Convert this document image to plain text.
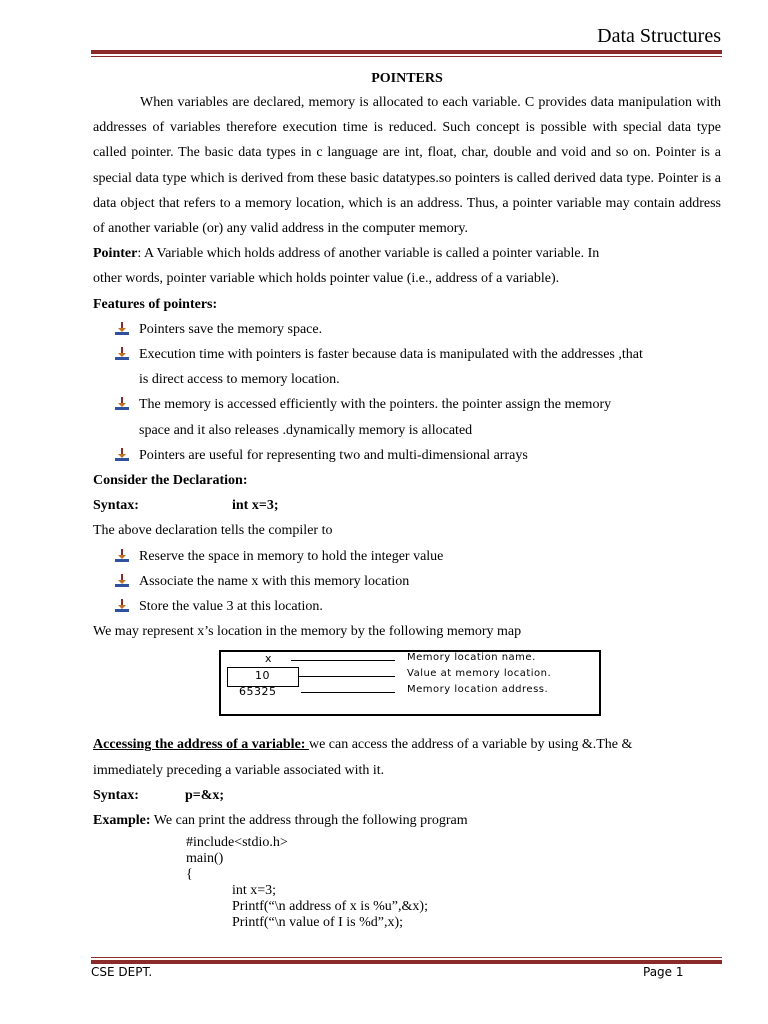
Data Structures
POINTERS

When variables are declared, memory is allocated to each variable. C provides data manipulation with addresses of variables therefore execution time is reduced. Such concept is possible with special data type called pointer. The basic data types in c language are int, float, char, double and void and so on. Pointer is a special data type which is derived from these basic datatypes.so pointers is called derived data type. Pointer is a data object that refers to a memory location, which is an address. Thus, a pointer variable may contain address of another variable (or) any valid address in the computer memory.

Pointer: A Variable which holds address of another variable is called a pointer variable. In

other words, pointer variable which holds pointer value (i.e., address of a variable).

Features of pointers:

Pointers save the memory space.
Execution time with pointers is faster because data is manipulated with the addresses ,that
is direct access to memory location.
The memory is accessed efficiently with the pointers. the pointer assign the memory
space and it also releases .dynamically memory is allocated
Pointers are useful for representing two and multi-dimensional arrays

Consider the Declaration:

Syntax:	int x=3;

The above declaration tells the compiler to

Reserve the space in memory to hold the integer value
Associate the name x with this memory location
Store the value 3 at this location.

We may represent x’s location in the memory by the following memory map

x	Memory location name.
10	Value at memory location.
65325	Memory location address.

Accessing the address of a variable: we can access the address of a variable by using &.The &

immediately preceding a variable associated with it.

Syntax:	p=&x;

Example: We can print the address through the following program

#include<stdio.h>
main()
{
int x=3;
Printf(“\n address of x is %u”,&x);
Printf(“\n value of I is %d”,x);
CSE DEPT.	Page 1
